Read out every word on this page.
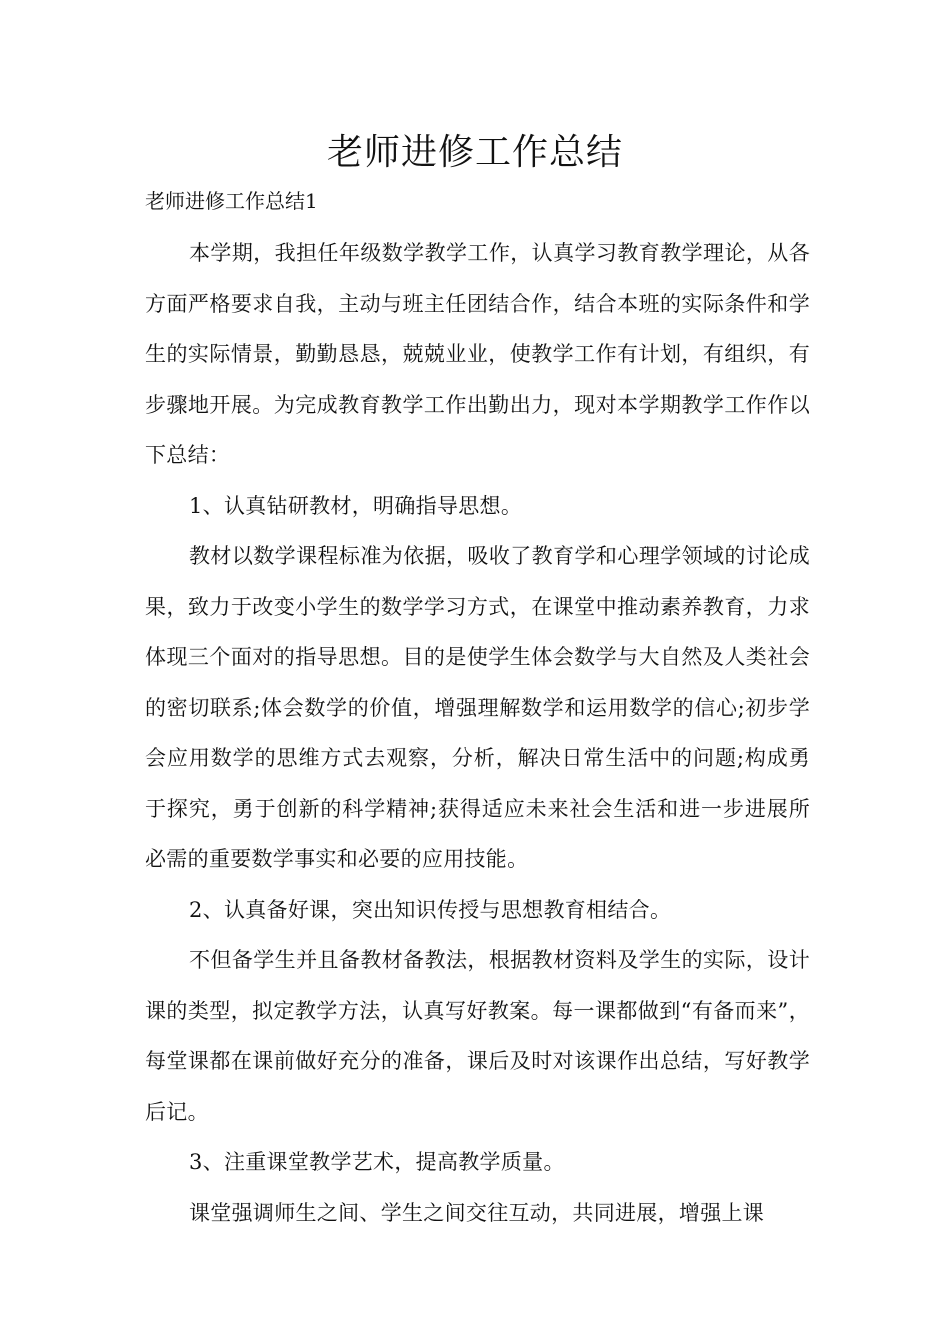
老师进修工作总结

老师进修工作总结1

本学期，我担任年级数学教学工作，认真学习教育教学理论，从各方面严格要求自我，主动与班主任团结合作，结合本班的实际条件和学生的实际情景，勤勤恳恳，兢兢业业，使教学工作有计划，有组织，有步骤地开展。为完成教育教学工作出勤出力，现对本学期教学工作作以下总结：

1、认真钻研教材，明确指导思想。

教材以数学课程标准为依据，吸收了教育学和心理学领域的讨论成果，致力于改变小学生的数学学习方式，在课堂中推动素养教育，力求体现三个面对的指导思想。目的是使学生体会数学与大自然及人类社会的密切联系;体会数学的价值，增强理解数学和运用数学的信心;初步学会应用数学的思维方式去观察，分析，解决日常生活中的问题;构成勇于探究，勇于创新的科学精神;获得适应未来社会生活和进一步进展所必需的重要数学事实和必要的应用技能。

2、认真备好课，突出知识传授与思想教育相结合。

不但备学生并且备教材备教法，根据教材资料及学生的实际，设计课的类型，拟定教学方法，认真写好教案。每一课都做到“有备而来”，每堂课都在课前做好充分的准备，课后及时对该课作出总结，写好教学后记。

3、注重课堂教学艺术，提高教学质量。

课堂强调师生之间、学生之间交往互动，共同进展，增强上课
